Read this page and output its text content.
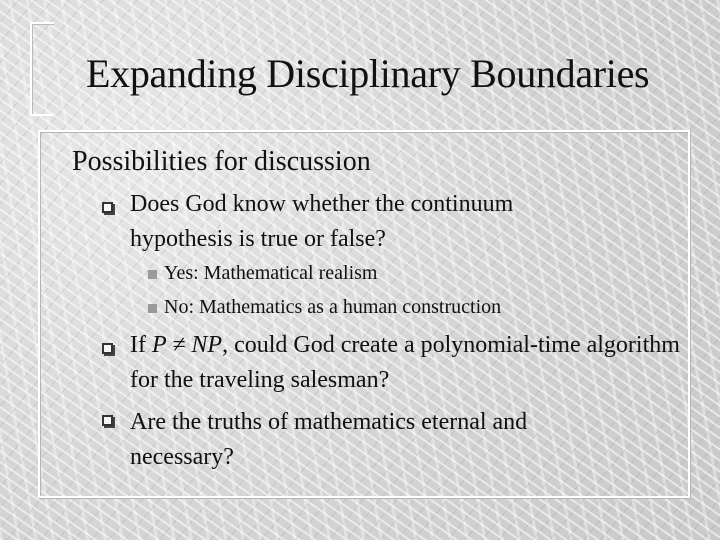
Expanding Disciplinary Boundaries
Possibilities for discussion
Does God know whether the continuum hypothesis is true or false?
Yes: Mathematical realism
No: Mathematics as a human construction
If P ≠ NP, could God create a polynomial-time algorithm for the traveling salesman?
Are the truths of mathematics eternal and necessary?
